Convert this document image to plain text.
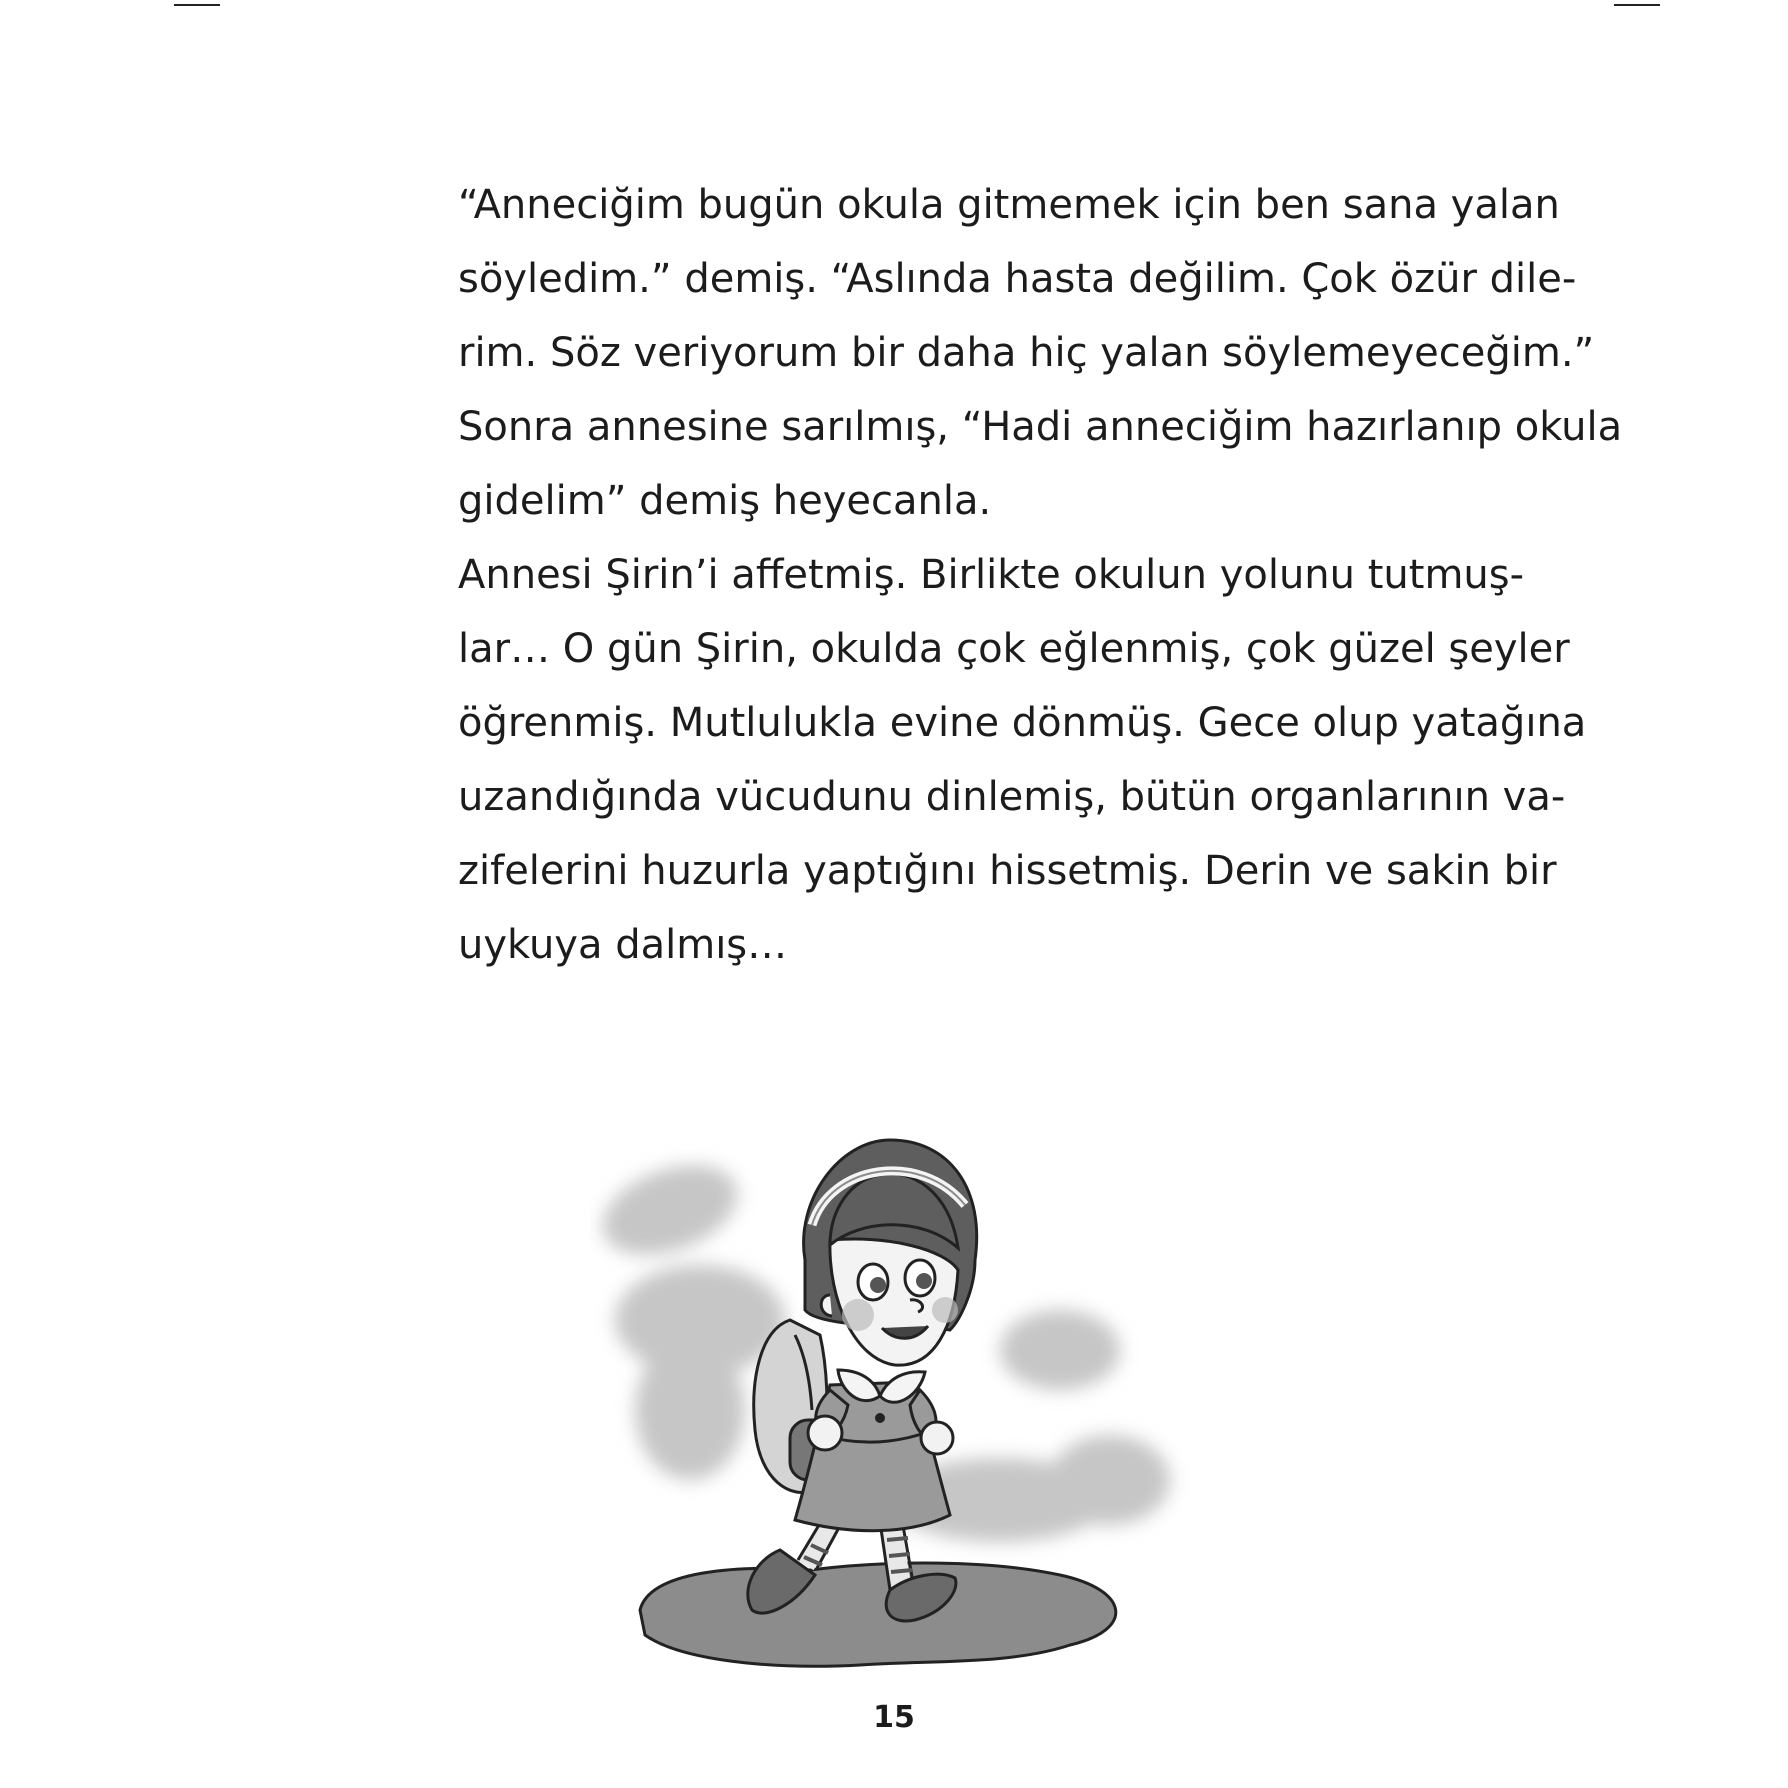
“Anneciğim bugün okula gitmemek için ben sana yalan
söyledim.” demiş. “Aslında hasta değilim. Çok özür dile-
rim. Söz veriyorum bir daha hiç yalan söylemeyeceğim.”
Sonra annesine sarılmış, “Hadi anneciğim hazırlanıp okula
gidelim” demiş heyecanla.

Annesi Şirin’i affetmiş. Birlikte okulun yolunu tutmuş-
lar… O gün Şirin, okulda çok eğlenmiş, çok güzel şeyler
öğrenmiş. Mutlulukla evine dönmüş. Gece olup yatağına
uzandığında vücudunu dinlemiş, bütün organlarının va-
zifelerini huzurla yaptığını hissetmiş. Derin ve sakin bir
uykuya dalmış…

15
